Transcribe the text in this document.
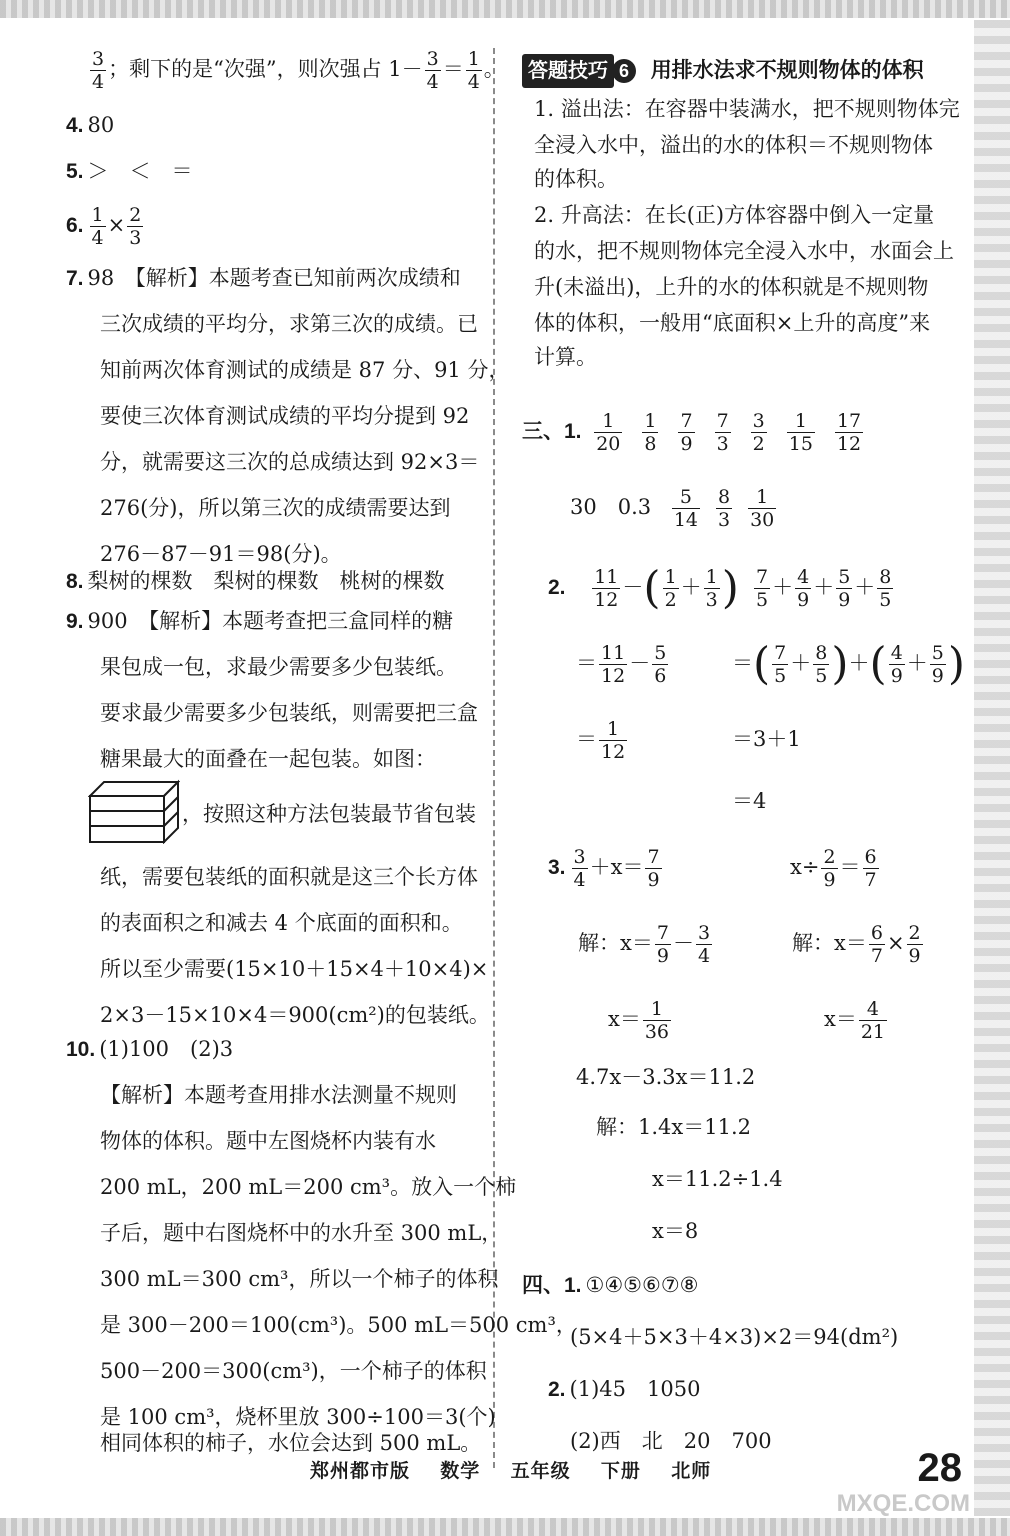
$\frac{3}{4}$ ；剩下的是“次强”，则次强占 $1- \frac{3}{4} = \frac{1}{4}$ 。
4. 80
5. ＞　＜　＝
6. $\frac{1}{4} \times \frac{2}{3}$
7. 98　【解析】本题考查已知前两次成绩和
三次成绩的平均分，求第三次的成绩。已
知前两次体育测试的成绩是 87 分、91 分，
要使三次体育测试成绩的平均分提到 92
分，就需要这三次的总成绩达到 92×3＝
276(分)，所以第三次的成绩需要达到
276－87－91＝98(分)。
8. 梨树的棵数　梨树的棵数　桃树的棵数
9. 900　【解析】本题考查把三盒同样的糖
果包成一包，求最少需要多少包装纸。
要求最少需要多少包装纸，则需要把三盒
糖果最大的面叠在一起包装。如图：
，按照这种方法包装最节省包装
纸，需要包装纸的面积就是这三个长方体
的表面积之和减去 4 个底面的面积和。
所以至少需要(15×10＋15×4＋10×4)×
2×3－15×10×4＝900(cm²)的包装纸。
10. (1)100　(2)3
【解析】本题考查用排水法测量不规则
物体的体积。题中左图烧杯内装有水
200 mL，200 mL＝200 cm³。放入一个柿
子后，题中右图烧杯中的水升至 300 mL，
300 mL＝300 cm³，所以一个柿子的体积
是 300－200＝100(cm³)。500 mL＝500 cm³，
500－200＝300(cm³)，一个柿子的体积
是 100 cm³，烧杯里放 300÷100＝3(个)
相同体积的柿子，水位会达到 500 mL。
答题技巧 6 用排水法求不规则物体的体积
1. 溢出法：在容器中装满水，把不规则物体完
全浸入水中，溢出的水的体积＝不规则物体
的体积。
2. 升高法：在长(正)方体容器中倒入一定量
的水，把不规则物体完全浸入水中，水面会上
升(未溢出)，上升的水的体积就是不规则物
体的体积，一般用“底面积×上升的高度”来
计算。
三、1. $\frac{1}{20} \frac{1}{8} \frac{7}{9} \frac{7}{3} \frac{3}{2} \frac{1}{15} \frac{17}{12}$
30　$0.3 \frac{5}{14} \frac{8}{3} \frac{1}{30}$
2. $\frac{11}{12}$ －( $\frac{1}{2} + \frac{1}{3}$ )
＝ $\frac{11}{12} - \frac{5}{6}$
＝ $\frac{1}{12}$
$\frac{7}{5} + \frac{4}{9} + \frac{5}{9} + \frac{8}{5}$
＝( $\frac{7}{5} + \frac{8}{5}$ )＋( $\frac{4}{9} + \frac{5}{9}$ )
＝3＋1
＝4
3. $\frac{3}{4} +x= \frac{7}{9}$
解：$x= \frac{7}{9} - \frac{3}{4}$
$x= \frac{1}{36}$
$x\div \frac{2}{9} = \frac{6}{7}$
解：$x= \frac{6}{7} \times \frac{2}{9}$
$x= \frac{4}{21}$
4.7x－3.3x＝11.2
解：1.4x＝11.2
x＝11.2÷1.4
x＝8
四、1. ①④⑤⑥⑦⑧
(5×4＋5×3＋4×3)×2＝94(dm²)
2. (1)45　1050
(2)西　北　20　700
郑州都市版 数学 五年级 下册 北师	28
MXQE.COM
